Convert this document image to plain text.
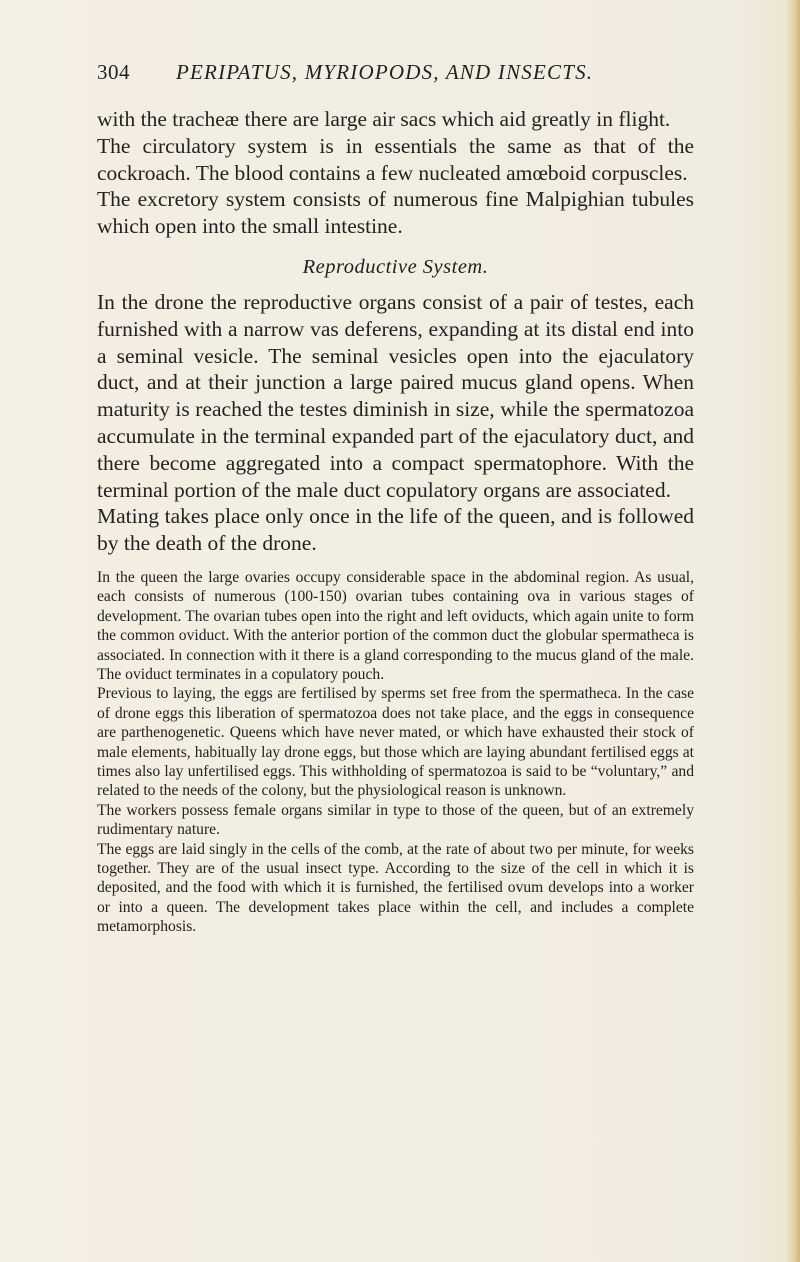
304 PERIPATUS, MYRIOPODS, AND INSECTS.

with the tracheæ there are large air sacs which aid greatly in flight.

The circulatory system is in essentials the same as that of the cockroach. The blood contains a few nucleated amœboid corpuscles.

The excretory system consists of numerous fine Malpighian tubules which open into the small intestine.

Reproductive System.

In the drone the reproductive organs consist of a pair of testes, each furnished with a narrow vas deferens, expanding at its distal end into a seminal vesicle. The seminal vesicles open into the ejaculatory duct, and at their junction a large paired mucus gland opens. When maturity is reached the testes diminish in size, while the spermatozoa accumulate in the terminal expanded part of the ejaculatory duct, and there become aggregated into a compact spermatophore. With the terminal portion of the male duct copulatory organs are associated.

Mating takes place only once in the life of the queen, and is followed by the death of the drone.

In the queen the large ovaries occupy considerable space in the abdominal region. As usual, each consists of numerous (100-150) ovarian tubes containing ova in various stages of development. The ovarian tubes open into the right and left oviducts, which again unite to form the common oviduct. With the anterior portion of the common duct the globular spermatheca is associated. In connection with it there is a gland corresponding to the mucus gland of the male. The oviduct terminates in a copulatory pouch.

Previous to laying, the eggs are fertilised by sperms set free from the spermatheca. In the case of drone eggs this liberation of spermatozoa does not take place, and the eggs in consequence are parthenogenetic. Queens which have never mated, or which have exhausted their stock of male elements, habitually lay drone eggs, but those which are laying abundant fertilised eggs at times also lay unfertilised eggs. This withholding of spermatozoa is said to be “voluntary,” and related to the needs of the colony, but the physiological reason is unknown.

The workers possess female organs similar in type to those of the queen, but of an extremely rudimentary nature.

The eggs are laid singly in the cells of the comb, at the rate of about two per minute, for weeks together. They are of the usual insect type. According to the size of the cell in which it is deposited, and the food with which it is furnished, the fertilised ovum develops into a worker or into a queen. The development takes place within the cell, and includes a complete metamorphosis.
